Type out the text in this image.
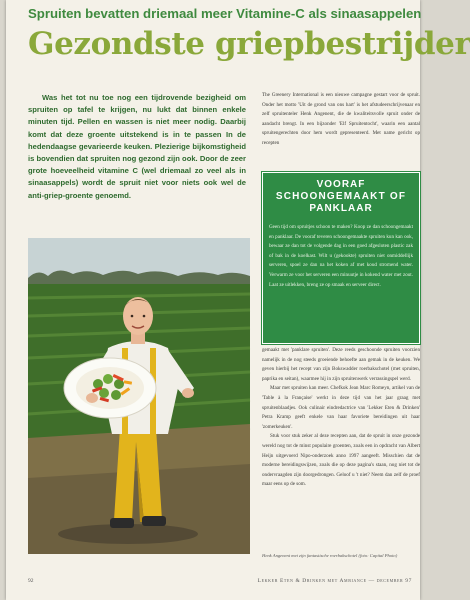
Spruiten bevatten driemaal meer Vitamine-C als sinaasappelen
Gezondste griepbestrijder

Was het tot nu toe nog een tijdrovende bezigheid om spruiten op tafel te krijgen, nu lukt dat binnen enkele minuten tijd. Pellen en wassen is niet meer nodig. Daarbij komt dat deze groente uitstekend is in te passen In de hedendaagse gevarieerde keuken. Plezierige bijkomstigheid is bovendien dat spruiten nog gezond zijn ook. Door de zeer grote hoeveelheid vitamine C (wel driemaal zo veel als in sinaasappels) wordt de spruit niet voor niets ook wel de anti-griep-groente genoemd.

The Greenery International is een nieuwe campagne gestart voor de spruit. Onder het motto 'Uit de grond van ons hart' is het afstudeerschrijvenaar en zelf spruitenteler Henk Angenent, die de kwaliteitsvolle spruit onder de aandacht brengt. In een bijzonder 'Elf Spruitentocht', waarin een aantal spruitengerechten door hem wordt gepresenteerd. Met name gericht op recepten

VOORAF
SCHOONGEMAAKT OF
PANKLAAR

Geen tijd om spruitjes schoon te maken? Koop ze dan schoongemaakt en panklaar. De vooraf teveren schoongemaakte spruiten kun kan ook, bewaar ze dan tot de volgende dag in een goed afgesloten plastic zak of bak in de koelkast. Wilt u (gekookte) spruiten niet onmiddellijk serveren, spoel ze dan na het koken af met koud stromend water. Verwarm ze voor het serveren een minuutje in kokend water met zout. Laat ze uitlekken, breng ze op smaak en serveer direct.

gemaakt met 'panklare spruiten'. Deze reeds geschoonde spruiten voorzien namelijk in de nog steeds groeiende behoefte aan gemak in de keuken. We geven hierbij het recept van zijn Bokswadder roerbakschotel (met spruiten, paprika en seitan), waarmee hij in zijn spruitenwerk verrassingspel werd.

Maar met spruiten kan meer. Chefkok Jean Marc Romeyn, artikel van de 'Table à la Française' werkt in deze tijd van het jaar graag met spruitenblaadjes. Ook culinair eindredactrice van 'Lekker Eten & Drinken' Petra Kramp geeft enkele van haar favoriete bereidingen uit haar 'zomerkeuken'.

Stuk voor stuk zeker al deze recepten aan, dat de spruit in onze gezonde wereld nog tot de minst populaire groenten, zoals een in opdracht van Albert Heijn uitgevoerd Nipo-onderzoek anno 1997 aangeeft. Misschien dat de moderne bereidingswijzen, zoals die op deze pagina's staan, nog niet tot de ondervraagden zijn doorgedrongen. Geloof u 't niet? Neem dan zelf de proef maar eens op de som.

Henk Angenent met zijn fantastische roerbakschotel (foto: Capital Photo)
92	Lekker Eten & Drinken met Ambiance — december 97
